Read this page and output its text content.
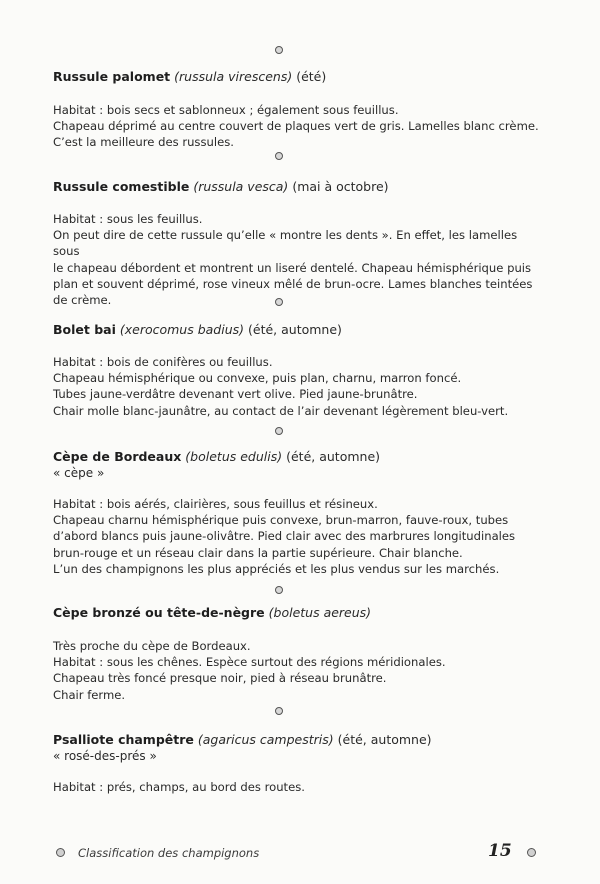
Russule palomet (russula virescens) (été)

Habitat : bois secs et sablonneux ; également sous feuillus.

Chapeau déprimé au centre couvert de plaques vert de gris. Lamelles blanc crème.

C’est la meilleure des russules.

Russule comestible (russula vesca) (mai à octobre)

Habitat : sous les feuillus.

On peut dire de cette russule qu’elle « montre les dents ». En effet, les lamelles sous

le chapeau débordent et montrent un liseré dentelé. Chapeau hémisphérique puis

plan et souvent déprimé, rose vineux mêlé de brun-ocre. Lames blanches teintées

de crème.

Bolet bai (xerocomus badius) (été, automne)

Habitat : bois de conifères ou feuillus.

Chapeau hémisphérique ou convexe, puis plan, charnu, marron foncé.

Tubes jaune-verdâtre devenant vert olive. Pied jaune-brunâtre.

Chair molle blanc-jaunâtre, au contact de l’air devenant légèrement bleu-vert.

Cèpe de Bordeaux (boletus edulis) (été, automne)

« cèpe »

Habitat : bois aérés, clairières, sous feuillus et résineux.

Chapeau charnu hémisphérique puis convexe, brun-marron, fauve-roux, tubes

d’abord blancs puis jaune-olivâtre. Pied clair avec des marbrures longitudinales

brun-rouge et un réseau clair dans la partie supérieure. Chair blanche.

L’un des champignons les plus appréciés et les plus vendus sur les marchés.

Cèpe bronzé ou tête-de-nègre (boletus aereus)

Très proche du cèpe de Bordeaux.

Habitat : sous les chênes. Espèce surtout des régions méridionales.

Chapeau très foncé presque noir, pied à réseau brunâtre.

Chair ferme.

Psalliote champêtre (agaricus campestris) (été, automne)

« rosé-des-prés »

Habitat : prés, champs, au bord des routes.

Classification des champignons	15
